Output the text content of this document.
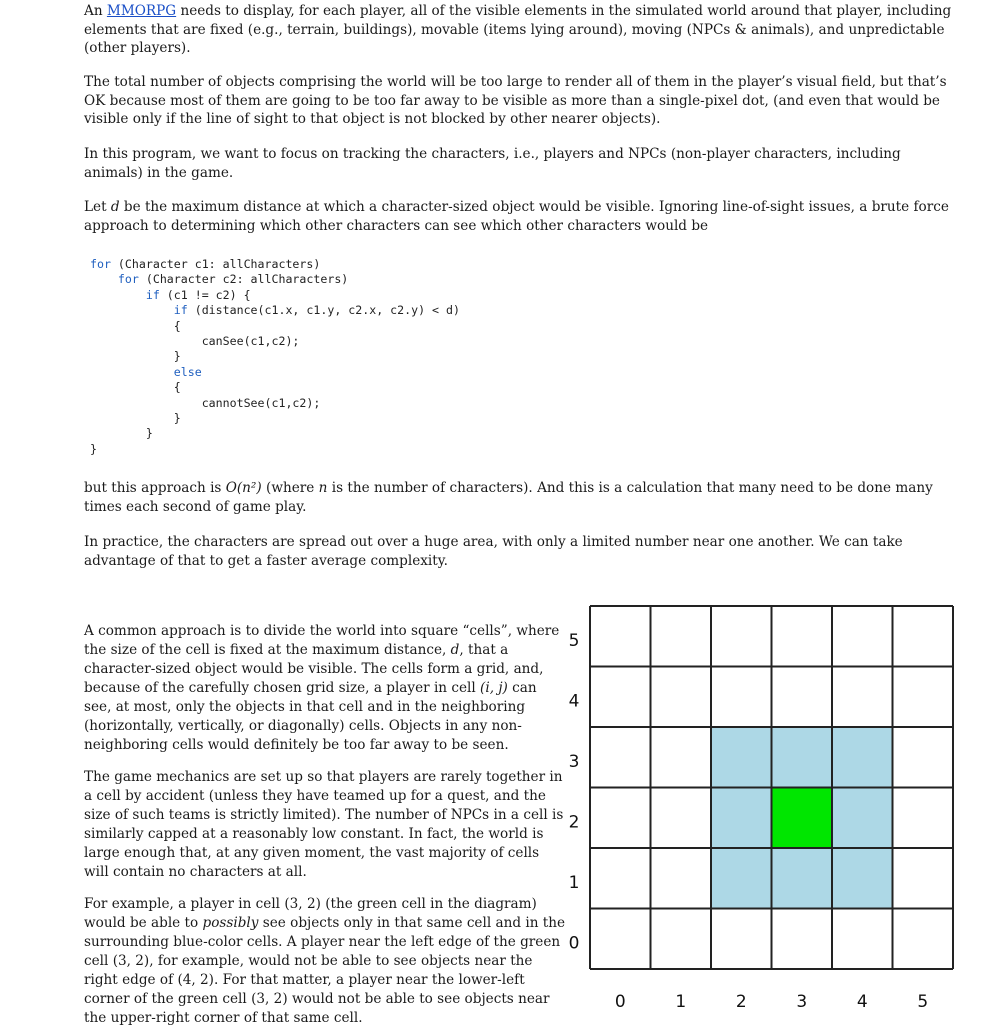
An MMORPG needs to display, for each player, all of the visible elements in the simulated world around that player, including elements that are fixed (e.g., terrain, buildings), movable (items lying around), moving (NPCs & animals), and unpredictable (other players).

The total number of objects comprising the world will be too large to render all of them in the player’s visual field, but that’s OK because most of them are going to be too far away to be visible as more than a single-pixel dot, (and even that would be visible only if the line of sight to that object is not blocked by other nearer objects).

In this program, we want to focus on tracking the characters, i.e., players and NPCs (non-player characters, including animals) in the game.

Let d be the maximum distance at which a character-sized object would be visible. Ignoring line-of-sight issues, a brute force approach to determining which other characters can see which other characters would be

for (Character c1: allCharacters)
for (Character c2: allCharacters)
if (c1 != c2) {
if (distance(c1.x, c1.y, c2.x, c2.y) < d)
{
canSee(c1,c2);
}
else
{
cannotSee(c1,c2);
}
}
}

but this approach is O(n²) (where n is the number of characters). And this is a calculation that many need to be done many times each second of game play.

In practice, the characters are spread out over a huge area, with only a limited number near one another. We can take advantage of that to get a faster average complexity.

A common approach is to divide the world into square “cells”, where the size of the cell is fixed at the maximum distance, d, that a character-sized object would be visible. The cells form a grid, and, because of the carefully chosen grid size, a player in cell (i, j) can see, at most, only the objects in that cell and in the neighboring (horizontally, vertically, or diagonally) cells. Objects in any non-neighboring cells would definitely be too far away to be seen.

The game mechanics are set up so that players are rarely together in a cell by accident (unless they have teamed up for a quest, and the size of such teams is strictly limited). The number of NPCs in a cell is similarly capped at a reasonably low constant. In fact, the world is large enough that, at any given moment, the vast majority of cells will contain no characters at all.

For example, a player in cell (3, 2) (the green cell in the diagram) would be able to possibly see objects only in that same cell and in the surrounding blue-color cells. A player near the left edge of the green cell (3, 2), for example, would not be able to see objects near the right edge of (4, 2). For that matter, a player near the lower-left corner of the green cell (3, 2) would not be able to see objects near the upper-right corner of that same cell.

5
4
3
2
1
0
0	1	2	3	4	5
